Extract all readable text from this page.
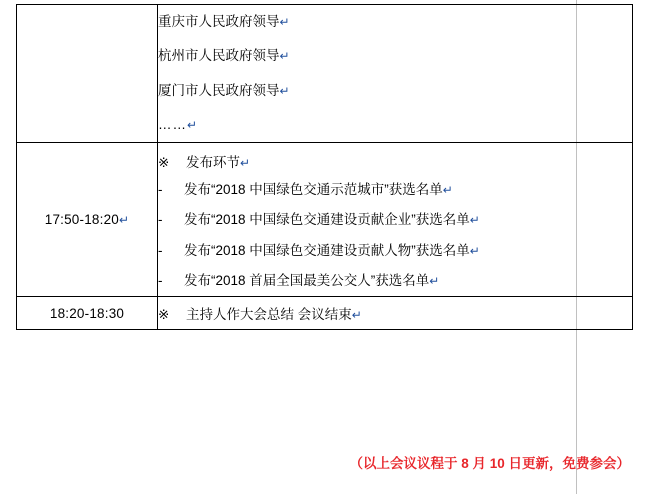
	重庆市人民政府领导↵
杭州市人民政府领导↵
厦门市人民政府领导↵
……↵

17:50-18:20↵	※ 发布环节↵
- 发布“2018 中国绿色交通示范城市”获选名单↵
- 发布“2018 中国绿色交通建设贡献企业”获选名单↵
- 发布“2018 中国绿色交通建设贡献人物”获选名单↵
- 发布“2018 首届全国最美公交人”获选名单↵

18:20-18:30	※ 主持人作大会总结 会议结束↵
（以上会议议程于 8 月 10 日更新，免费参会）
